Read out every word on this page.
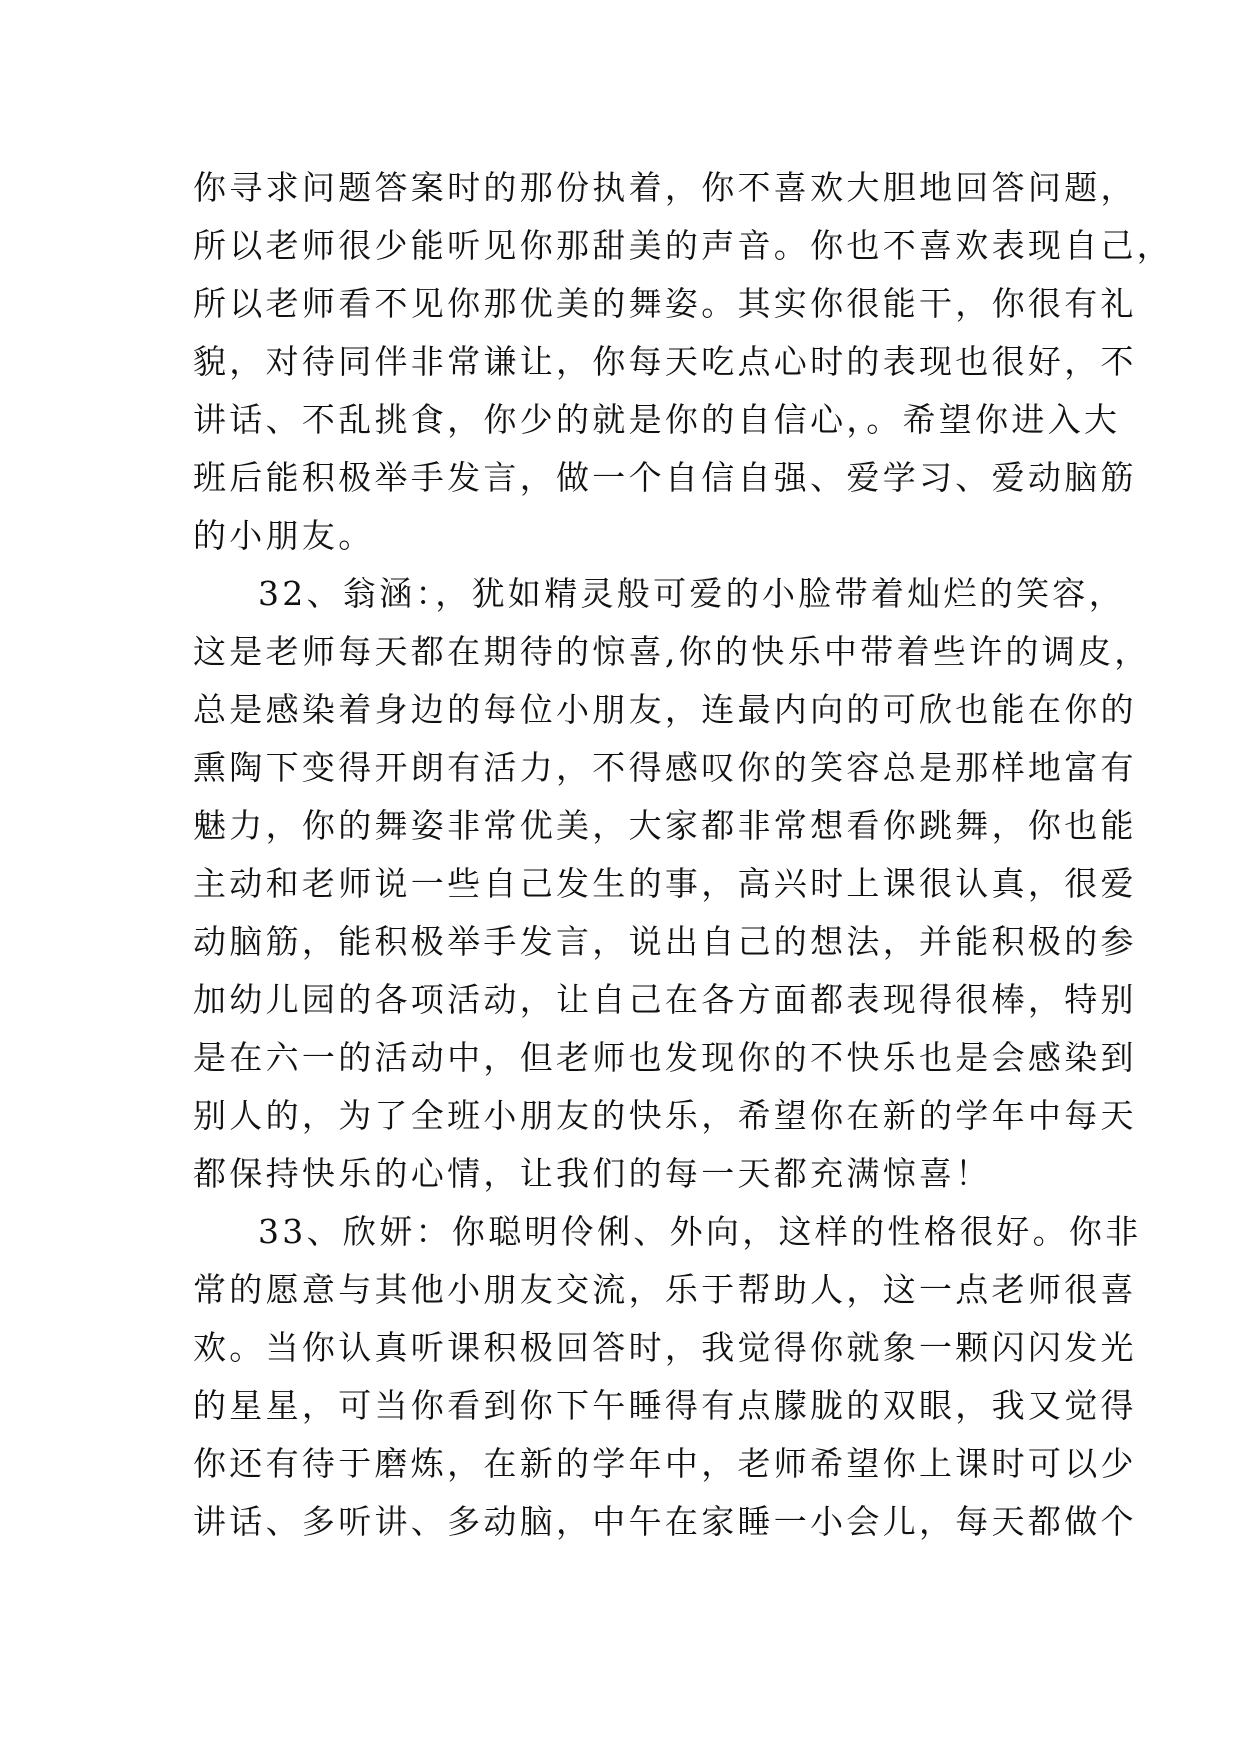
你寻求问题答案时的那份执着，你不喜欢大胆地回答问题，
所以老师很少能听见你那甜美的声音。你也不喜欢表现自己，
所以老师看不见你那优美的舞姿。其实你很能干，你很有礼
貌，对待同伴非常谦让，你每天吃点心时的表现也很好，不
讲话、不乱挑食，你少的就是你的自信心，。希望你进入大
班后能积极举手发言，做一个自信自强、爱学习、爱动脑筋
的小朋友。
32、翁涵：，犹如精灵般可爱的小脸带着灿烂的笑容，
这是老师每天都在期待的惊喜,你的快乐中带着些许的调皮，
总是感染着身边的每位小朋友，连最内向的可欣也能在你的
熏陶下变得开朗有活力，不得感叹你的笑容总是那样地富有
魅力，你的舞姿非常优美，大家都非常想看你跳舞，你也能
主动和老师说一些自己发生的事，高兴时上课很认真，很爱
动脑筋，能积极举手发言，说出自己的想法，并能积极的参
加幼儿园的各项活动，让自己在各方面都表现得很棒，特别
是在六一的活动中，但老师也发现你的不快乐也是会感染到
别人的，为了全班小朋友的快乐，希望你在新的学年中每天
都保持快乐的心情，让我们的每一天都充满惊喜！
33、欣妍：你聪明伶俐、外向，这样的性格很好。你非
常的愿意与其他小朋友交流，乐于帮助人，这一点老师很喜
欢。当你认真听课积极回答时，我觉得你就象一颗闪闪发光
的星星，可当你看到你下午睡得有点朦胧的双眼，我又觉得
你还有待于磨炼，在新的学年中，老师希望你上课时可以少
讲话、多听讲、多动脑，中午在家睡一小会儿，每天都做个
